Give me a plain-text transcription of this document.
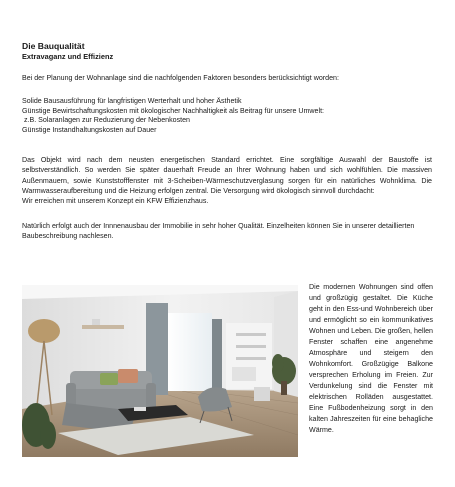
Die Bauqualität
Extravaganz und Effizienz
Bei der Planung der Wohnanlage sind die nachfolgenden Faktoren besonders berücksichtigt worden:
Solide Bausausführung für langfristigen Werterhalt und hoher Ästhetik
Günstige Bewirtschaftungskosten mit ökologischer Nachhaltigkeit als Beitrag für unsere Umwelt:
z.B. Solaranlagen zur Reduzierung der Nebenkosten
Günstige Instandhaltungskosten auf Dauer
Das Objekt wird nach dem neusten energetischen Standard errichtet. Eine sorgfältige Auswahl der Baustoffe ist
selbstverständlich. So werden Sie später dauerhaft Freude an Ihrer Wohnung haben und sich wohlfühlen. Die massiven
Außenmauern, sowie Kunststofffenster mit 3-Scheiben-Wärmeschutzverglasung sorgen für ein natürliches Wohnklima. Die
Warmwasseraufbereitung und die Heizung erfolgen zentral. Die Versorgung wird ökologisch sinnvoll durchdacht:
Wir erreichen mit unserem Konzept ein KFW Effizienzhaus.
Natürlich erfolgt auch der Innnenausbau der Immobilie in sehr hoher Qualität. Einzelheiten können Sie in unserer detaillierten
Baubeschreibung nachlesen.
Die modernen Wohnungen sind offen und großzügig gestaltet. Die Küche geht in den Ess-und Wohnbereich über und ermöglicht so ein kommunikatives Wohnen und Leben. Die großen, hellen Fenster schaffen eine angenehme Atmosphäre und steigern den Wohnkomfort. Großzügige Balkone versprechen Erholung im Freien. Zur Verdunkelung sind die Fenster mit elektrischen Rolläden ausgestattet. Eine Fußbodenheizung sorgt in den kalten Jahreszeiten für eine behagliche Wärme.
